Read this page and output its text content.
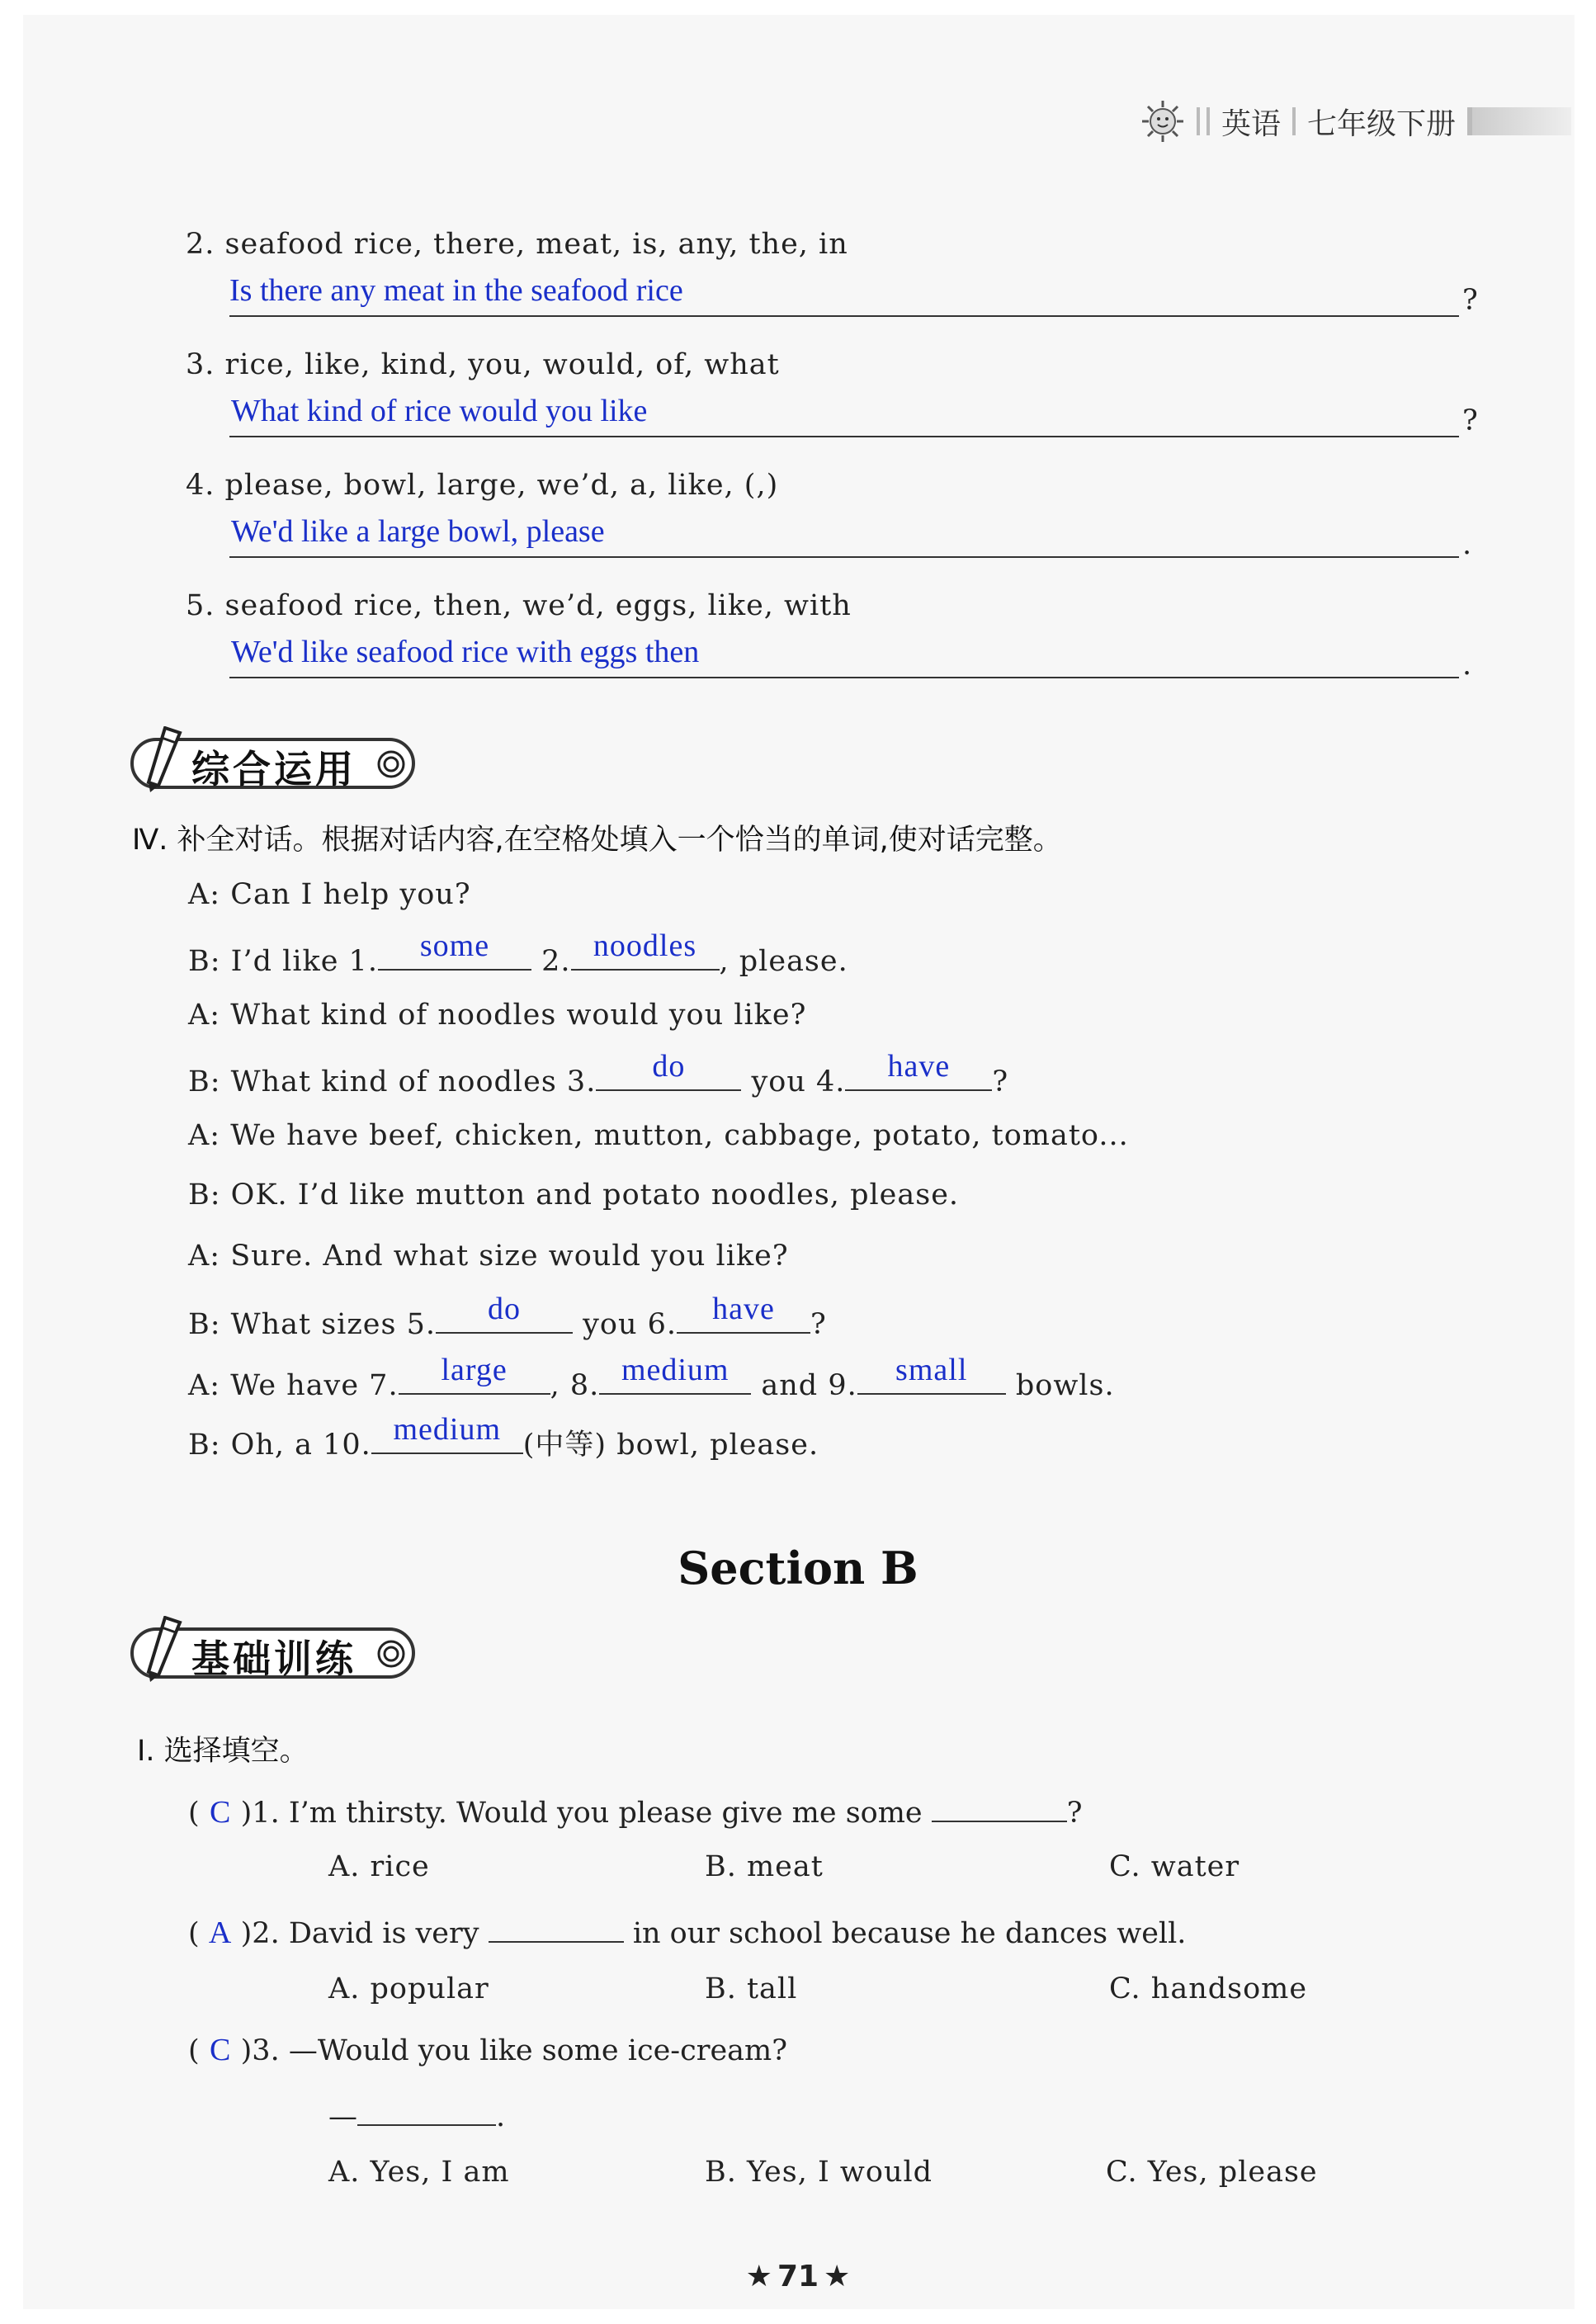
英语 七年级下册
2. seafood rice, there, meat, is, any, the, in
Is there any meat in the seafood rice	?
3. rice, like, kind, you, would, of, what
What kind of rice would you like	?
4. please, bowl, large, we’d, a, like, (,)
We'd like a large bowl, please	.
5. seafood rice, then, we’d, eggs, like, with
We'd like seafood rice with eggs then	.
综合运用
Ⅳ. 补全对话。根据对话内容,在空格处填入一个恰当的单词,使对话完整。
A: Can I help you?
B: I’d like 1.	some	2. noodles , please.
A: What kind of noodles would you like?
B: What kind of noodles 3.	do	you 4.	have	?
A: We have beef, chicken, mutton, cabbage, potato, tomato...
B: OK. I’d like mutton and potato noodles, please.
A: Sure. And what size would you like?
B: What sizes 5.	do	you 6.	have	?
A: We have 7.	large	, 8. medium	and 9.	small	bowls.
B: Oh, a 10. medium (中等) bowl, please.
Section B
基础训练
Ⅰ. 选择填空。
( C )1. I’m thirsty. Would you please give me some	?
A. rice	B. meat	C. water
( A )2. David is very	in our school because he dances well.
A. popular	B. tall	C. handsome
( C )3. —Would you like some ice-cream?
—	.
A. Yes, I am	B. Yes, I would	C. Yes, please
★ 71 ★
